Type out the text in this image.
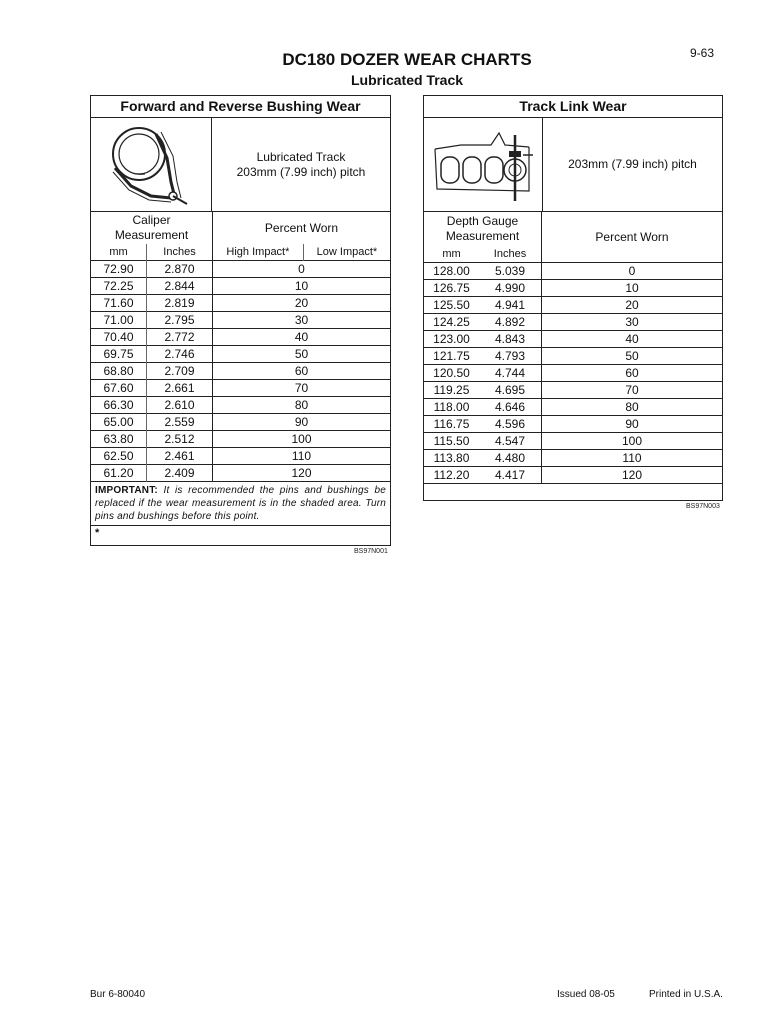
9-63
DC180 DOZER WEAR CHARTS
Lubricated Track
Forward and Reverse Bushing Wear
Lubricated Track
203mm (7.99 inch) pitch
Caliper
Measurement		Percent Worn	
mm	Inches	High Impact*	Low Impact*
72.90	2.870	0	
72.25	2.844	10	
71.60	2.819	20	
71.00	2.795	30	
70.40	2.772	40	
69.75	2.746	50	
68.80	2.709	60	
67.60	2.661	70	
66.30	2.610	80	
65.00	2.559	90	
63.80	2.512	100	
62.50	2.461	110	
61.20	2.409	120	
IMPORTANT: It is recommended the pins and bushings be replaced if the wear measurement is in the shaded area. Turn pins and bushings before this point.
*
BS97N001
Track Link Wear
203mm (7.99 inch) pitch
Depth Gauge
Measurement		Percent Worn
mm	Inches	
128.00	5.039	0
126.75	4.990	10
125.50	4.941	20
124.25	4.892	30
123.00	4.843	40
121.75	4.793	50
120.50	4.744	60
119.25	4.695	70
118.00	4.646	80
116.75	4.596	90
115.50	4.547	100
113.80	4.480	110
112.20	4.417	120
BS97N003
Bur 6-80040	Issued 08-05	Printed in U.S.A.
